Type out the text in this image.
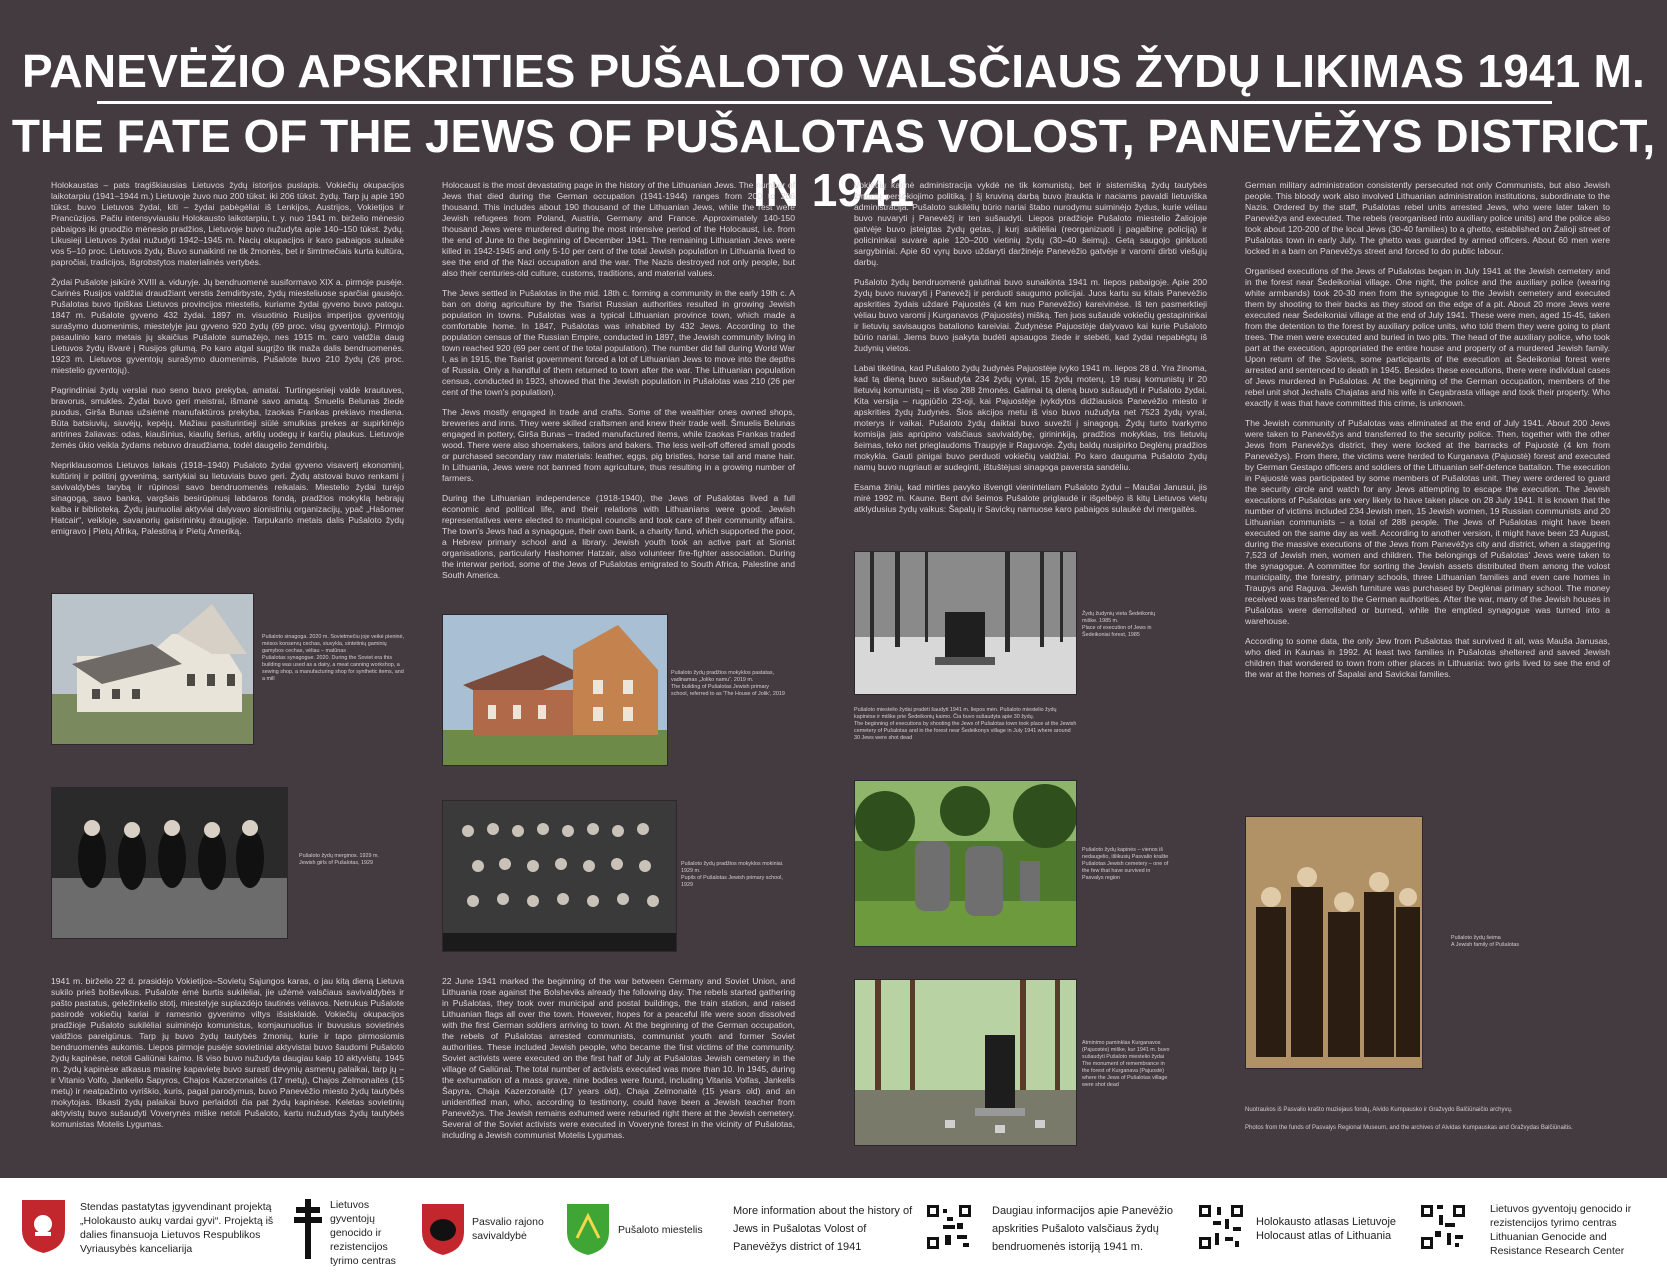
PANEVĖŽIO APSKRITIES PUŠALOTO VALSČIAUS ŽYDŲ LIKIMAS 1941 M.
THE FATE OF THE JEWS OF PUŠALOTAS VOLOST, PANEVĖŽYS DISTRICT, IN 1941

Holokaustas – pats tragiškiausias Lietuvos žydų istorijos puslapis. Vokiečių okupacijos laikotarpiu (1941–1944 m.) Lietuvoje žuvo nuo 200 tūkst. iki 206 tūkst. žydų. Tarp jų apie 190 tūkst. buvo Lietuvos žydai, kiti – žydai pabėgėliai iš Lenkijos, Austrijos, Vokietijos ir Prancūzijos. Pačiu intensyviausiu Holokausto laikotarpiu, t. y. nuo 1941 m. birželio mėnesio pabaigos iki gruodžio mėnesio pradžios, Lietuvoje buvo nužudyta apie 140–150 tūkst. žydų. Likusieji Lietuvos žydai nužudyti 1942–1945 m. Nacių okupacijos ir karo pabaigos sulaukė vos 5–10 proc. Lietuvos žydų. Buvo sunaikinti ne tik žmonės, bet ir šimtmečiais kurta kultūra, papročiai, tradicijos, išgrobstytos materialinės vertybės.

Žydai Pušalote įsikūrė XVIII a. viduryje. Jų bendruomenė susiformavo XIX a. pirmoje pusėje. Carinės Rusijos valdžiai draudžiant verstis žemdirbyste, žydų miesteliuose sparčiai gausėjo. Pušalotas buvo tipiškas Lietuvos provincijos miestelis, kuriame žydai gyveno buvo patogu. 1847 m. Pušalote gyveno 432 žydai. 1897 m. visuotinio Rusijos imperijos gyventojų surašymo duomenimis, miestelyje jau gyveno 920 žydų (69 proc. visų gyventojų). Pirmojo pasaulinio karo metais jų skaičius Pušalote sumažėjo, nes 1915 m. caro valdžia daug Lietuvos žydų išvarė į Rusijos gilumą. Po karo atgal sugrįžo tik maža dalis bendruomenės. 1923 m. Lietuvos gyventojų surašymo duomenimis, Pušalote buvo 210 žydų (26 proc. miestelio gyventojų).

Pagrindiniai žydų verslai nuo seno buvo prekyba, amatai. Turtingesnieji valdė krautuves, bravorus, smukles. Žydai buvo geri meistrai, išmanė savo amatą. Šmuelis Belunas žiedė puodus, Girša Bunas užsiėmė manufaktūros prekyba, Izaokas Frankas prekiavo mediena. Būta batsiuvių, siuvėjų, kepėjų. Mažiau pasiturintieji siūlė smulkias prekes ar supirkinėjo antrines žaliavas: odas, kiaušinius, kiaulių šerius, arklių uodegų ir karčių plaukus. Lietuvoje žemės ūkio veikla žydams nebuvo draudžiama, todėl daugelio žemdirbių.

Nepriklausomos Lietuvos laikais (1918–1940) Pušaloto žydai gyveno visavertį ekonominį, kultūrinį ir politinį gyvenimą, santykiai su lietuviais buvo geri. Žydų atstovai buvo renkami į savivaldybės tarybą ir rūpinosi savo bendruomenės reikalais. Miestelio žydai turėjo sinagogą, savo banką, vargšais besirūpinusį labdaros fondą, pradžios mokyklą hebrajų kalba ir biblioteką. Žydų jaunuoliai aktyviai dalyvavo sionistinių organizacijų, ypač „Hašomer Hatcair“, veikloje, savanorių gaisrininkų draugijoje. Tarpukario metais dalis Pušaloto žydų emigravo į Pietų Afriką, Palestiną ir Pietų Ameriką.

Pušaloto sinagoga. 2020 m. Sovietmečiu joje veikė pieninė, mėsos konservų cechas, siuvykla, sintetinių gaminių gamybos cechas, vėliau – malūnas
Pušalotas synagogue. 2020. During the Soviet era this building was used as a dairy, a meat canning workshop, a sewing shop, a manufacturing shop for synthetic items, and a mill
Pušaloto žydų merginos. 1929 m.
Jewish girls of Pušalotas, 1929

1941 m. birželio 22 d. prasidėjo Vokietijos–Sovietų Sąjungos karas, o jau kitą dieną Lietuva sukilo prieš bolševikus. Pušalote ėmė burtis sukilėliai, jie užėmė valsčiaus savivaldybės ir pašto pastatus, geležinkelio stotį, miestelyje suplazdėjo tautinės vėliavos. Netrukus Pušalote pasirodė vokiečių kariai ir ramesnio gyvenimo viltys išsisklaidė. Vokiečių okupacijos pradžioje Pušaloto sukilėliai suiminėjo komunistus, komjaunuolius ir buvusius sovietinės valdžios pareigūnus. Tarp jų buvo žydų tautybės žmonių, kurie ir tapo pirmosiomis bendruomenės aukomis. Liepos pirmoje pusėje sovietiniai aktyvistai buvo šaudomi Pušaloto žydų kapinėse, netoli Galiūnai kaimo. Iš viso buvo nužudyta daugiau kaip 10 aktyvistų. 1945 m. žydų kapinėse atkasus masinę kapavietę buvo surasti devynių asmenų palaikai, tarp jų – ir Vitanio Volfo, Jankelio Šapyros, Chajos Kazerzonaitės (17 metų), Chajos Zelmonaitės (15 metų) ir neatpažinto vyriškio, kuris, pagal parodymus, buvo Panevėžio miesto žydų tautybės mokytojas. Iškasti žydų palaikai buvo perlaidoti čia pat žydų kapinėse. Keletas sovietinių aktyvistų buvo sušaudyti Voverynės miške netoli Pušaloto, kartu nužudytas žydų tautybės komunistas Motelis Lygumas.

Holocaust is the most devastating page in the history of the Lithuanian Jews. The number of Jews that died during the German occupation (1941-1944) ranges from 200 to 206 thousand. This includes about 190 thousand of the Lithuanian Jews, while the rest were Jewish refugees from Poland, Austria, Germany and France. Approximately 140-150 thousand Jews were murdered during the most intensive period of the Holocaust, i.e. from the end of June to the beginning of December 1941. The remaining Lithuanian Jews were killed in 1942-1945 and only 5-10 per cent of the total Jewish population in Lithuania lived to see the end of the Nazi occupation and the war. The Nazis destroyed not only people, but also their centuries-old culture, customs, traditions, and material values.

The Jews settled in Pušalotas in the mid. 18th c. forming a community in the early 19th c. A ban on doing agriculture by the Tsarist Russian authorities resulted in growing Jewish population in towns. Pušalotas was a typical Lithuanian province town, which made a comfortable home. In 1847, Pušalotas was inhabited by 432 Jews. According to the population census of the Russian Empire, conducted in 1897, the Jewish community living in town reached 920 (69 per cent of the total population). The number did fall during World War I, as in 1915, the Tsarist government forced a lot of Lithuanian Jews to move into the depths of Russia. Only a handful of them returned to town after the war. The Lithuanian population census, conducted in 1923, showed that the Jewish population in Pušalotas was 210 (26 per cent of the town's population).

The Jews mostly engaged in trade and crafts. Some of the wealthier ones owned shops, breweries and inns. They were skilled craftsmen and knew their trade well. Šmuelis Belunas engaged in pottery, Girša Bunas – traded manufactured items, while Izaokas Frankas traded wood. There were also shoemakers, tailors and bakers. The less well-off offered small goods or purchased secondary raw materials: leather, eggs, pig bristles, horse tail and mane hair. In Lithuania, Jews were not banned from agriculture, thus resulting in a growing number of farmers.

During the Lithuanian independence (1918-1940), the Jews of Pušalotas lived a full economic and political life, and their relations with Lithuanians were good. Jewish representatives were elected to municipal councils and took care of their community affairs. The town's Jews had a synagogue, their own bank, a charity fund, which supported the poor, a Hebrew primary school and a library. Jewish youth took an active part at Sionist organisations, particularly Hashomer Hatzair, also volunteer fire-fighter association. During the interwar period, some of the Jews of Pušalotas emigrated to South Africa, Palestine and South America.

Pušaloto žydų pradžios mokyklos pastatas, vadinamas „Joliko namu“. 2019 m.
The building of Pušalotas Jewish primary school, referred to as 'The House of Jolik', 2019
Pušaloto žydų pradžios mokyklos mokiniai. 1929 m.
Pupils of Pušalotas Jewish primary school, 1929

22 June 1941 marked the beginning of the war between Germany and Soviet Union, and Lithuania rose against the Bolsheviks already the following day. The rebels started gathering in Pušalotas, they took over municipal and postal buildings, the train station, and raised Lithuanian flags all over the town. However, hopes for a peaceful life were soon dissolved with the first German soldiers arriving to town. At the beginning of the German occupation, the rebels of Pušalotas arrested communists, communist youth and former Soviet authorities. These included Jewish people, who became the first victims of the community. Soviet activists were executed on the first half of July at Pušalotas Jewish cemetery in the village of Galiūnai. The total number of activists executed was more than 10. In 1945, during the exhumation of a mass grave, nine bodies were found, including Vitanis Volfas, Jankelis Šapyra, Chaja Kazerzonaitė (17 years old), Chaja Zelmonaitė (15 years old) and an unidentified man, who, according to testimony, could have been a Jewish teacher from Panevėžys. The Jewish remains exhumed were reburied right there at the Jewish cemetery. Several of the Soviet activists were executed in Voverynė forest in the vicinity of Pušalotas, including a Jewish communist Motelis Lygumas.

Vokiečių karinė administracija vykdė ne tik komunistų, bet ir sistemišką žydų tautybės žmonių persekiojimo politiką. Į šį kruviną darbą buvo įtraukta ir naciams pavaldi lietuviška administracija. Pušaloto sukilėlių būrio nariai štabo nurodymu suiminėjo žydus, kurie vėliau buvo nuvaryti į Panevėžį ir ten sušaudyti. Liepos pradžioje Pušaloto miestelio Žaliojoje gatvėje buvo įsteigtas žydų getas, į kurį sukilėliai (reorganizuoti į pagalbinę policiją) ir policininkai suvarė apie 120–200 vietinių žydų (30–40 šeimų). Getą saugojo ginkluoti sargybiniai. Apie 60 vyrų buvo uždaryti daržinėje Panevėžio gatvėje ir varomi dirbti viešųjų darbų.

Pušaloto žydų bendruomenė galutinai buvo sunaikinta 1941 m. liepos pabaigoje. Apie 200 žydų buvo nuvaryti į Panevėžį ir perduoti saugumo policijai. Juos kartu su kitais Panevėžio apskrities žydais uždarė Pajuostės (4 km nuo Panevėžio) kareivinėse. Iš ten pasmerktieji vėliau buvo varomi į Kurganavos (Pajuostės) mišką. Ten juos sušaudė vokiečių gestapininkai ir lietuvių savisaugos bataliono kareiviai. Žudynėse Pajuostėje dalyvavo kai kurie Pušaloto būrio nariai. Jiems buvo įsakyta budėti apsaugos žiede ir stebėti, kad žydai nepabėgtų iš žudynių vietos.

Labai tikėtina, kad Pušaloto žydų žudynės Pajuostėje įvyko 1941 m. liepos 28 d. Yra žinoma, kad tą dieną buvo sušaudyta 234 žydų vyrai, 15 žydų moterų, 19 rusų komunistų ir 20 lietuvių komunistų – iš viso 288 žmonės. Galimai tą dieną buvo sušaudyti ir Pušaloto žydai. Kita versija – rugpjūčio 23-oji, kai Pajuostėje įvykdytos didžiausios Panevėžio miesto ir apskrities žydų žudynės. Šios akcijos metu iš viso buvo nužudyta net 7523 žydų vyrai, moterys ir vaikai. Pušaloto žydų daiktai buvo suvežti į sinagogą. Žydų turto tvarkymo komisija jais aprūpino valsčiaus savivaldybę, girininkiją, pradžios mokyklas, tris lietuvių šeimas, teko net prieglaudoms Traupyje ir Raguvoje. Žydų baldų nusipirko Deglėnų pradžios mokykla. Gauti pinigai buvo perduoti vokiečių valdžiai. Po karo dauguma Pušaloto žydų namų buvo nugriauti ar sudeginti, ištuštėjusi sinagoga paversta sandėliu.

Esama žinių, kad mirties pavykо išvengti vieninteliam Pušaloto žydui – Maušai Janusui, jis mirė 1992 m. Kaune. Bent dvi šeimos Pušalote priglaudė ir išgelbėjo iš kitų Lietuvos vietų atklydusius žydų vaikus: Šapalų ir Savickų namuose karo pabaigos sulaukė dvi mergaitės.

Žydų žudynių vieta Šedeikonių miške. 1985 m.
Place of execution of Jews in Šedeikoniai forest, 1985
Pušaloto miestelio žydai pradėti šaudyti 1941 m. liepos mėn. Pušaloto miestelio žydų kapinėse ir miške prie Šedeikonių kaimo. Čia buvo sušaudyta apie 30 žydų.
The beginning of executions by shooting the Jews of Pušalotas town took place at the Jewish cemetery of Pušalotas and in the forest near Šedeikonys village in July 1941 where around 30 Jews were shot dead
Pušaloto žydų kapinės – vienos iš nedaugelio, išlikusių Pasvalio krašte
Pušalotas Jewish cemetery – one of the few that have survived in Pasvalys region
Atminimo paminklas Kurganavos (Pajuostės) miške, kur 1941 m. buvo sušaudyti Pušaloto miestelio žydai
The monument of remembrance in the forest of Kurganava (Pajuostė) where the Jews of Pušalotas village were shot dead

German military administration consistently persecuted not only Communists, but also Jewish people. This bloody work also involved Lithuanian administration institutions, subordinate to the Nazis. Ordered by the staff, Pušalotas rebel units arrested Jews, who were later taken to Panevėžys and executed. The rebels (reorganised into auxiliary police units) and the police also took about 120-200 of the local Jews (30-40 families) to a ghetto, established on Žalioji street of Pušalotas town in early July. The ghetto was guarded by armed officers. About 60 men were locked in a barn on Panevėžys street and forced to do public labour.

Organised executions of the Jews of Pušalotas began in July 1941 at the Jewish cemetery and in the forest near Šedeikoniai village. One night, the police and the auxiliary police (wearing white armbands) took 20-30 men from the synagogue to the Jewish cemetery and executed them by shooting to their backs as they stood on the edge of a pit. About 20 more Jews were executed near Šedeikoniai village at the end of July 1941. These were men, aged 15-45, taken from the detention to the forest by auxiliary police units, who told them they were going to plant trees. The men were executed and buried in two pits. The head of the auxiliary police, who took part at the execution, appropriated the entire house and property of a murdered Jewish family. Upon return of the Soviets, some participants of the execution at Šedeikoniai forest were arrested and sentenced to death in 1945. Besides these executions, there were individual cases of Jews murdered in Pušalotas. At the beginning of the German occupation, members of the rebel unit shot Jechalis Chajatas and his wife in Gegabrasta village and took their property. Who exactly it was that have committed this crime, is unknown.

The Jewish community of Pušalotas was eliminated at the end of July 1941. About 200 Jews were taken to Panevėžys and transferred to the security police. Then, together with the other Jews from Panevėžys district, they were locked at the barracks of Pajuostė (4 km from Panevėžys). From there, the victims were herded to Kurganava (Pajuostė) forest and executed by German Gestapo officers and soldiers of the Lithuanian self-defence battalion. The execution in Pajuostė was participated by some members of Pušalotas unit. They were ordered to guard the security circle and watch for any Jews attempting to escape the execution. The Jewish executions of Pušalotas are very likely to have taken place on 28 July 1941. It is known that the number of victims included 234 Jewish men, 15 Jewish women, 19 Russian communists and 20 Lithuanian communists – a total of 288 people. The Jews of Pušalotas might have been executed on the same day as well. According to another version, it might have been 23 August, during the massive executions of the Jews from Panevėžys city and district, when a staggering 7,523 of Jewish men, women and children. The belongings of Pušalotas' Jews were taken to the synagogue. A committee for sorting the Jewish assets distributed them among the volost municipality, the forestry, primary schools, three Lithuanian families and even care homes in Traupys and Raguva. Jewish furniture was purchased by Deglėnai primary school. The money received was transferred to the German authorities. After the war, many of the Jewish houses in Pušalotas were demolished or burned, while the emptied synagogue was turned into a warehouse.

According to some data, the only Jew from Pušalotas that survived it all, was Mauša Janusas, who died in Kaunas in 1992. At least two families in Pušalotas sheltered and saved Jewish children that wondered to town from other places in Lithuania: two girls lived to see the end of the war at the homes of Šapalai and Savickai families.

Pušaloto žydų šeima
A Jewish family of Pušalotas
Nuotraukos iš Pasvalio krašto muziejaus fondų, Alvido Kumpausko ir Gražvydo Balčiūnaičio archyvų.
Photos from the funds of Pasvalys Regional Museum, and the archives of Alvidas Kumpauskas and Gražvydas Balčiūnaitis.
Stendas pastatytas įgyvendinant projektą „Holokausto aukų vardai gyvi“. Projektą iš dalies finansuoja Lietuvos Respublikos Vyriausybės kanceliarija
Lietuvos gyventojų genocido ir rezistencijos tyrimo centras
Pasvalio rajono savivaldybė	Pušaloto miestelis
More information about the history of Jews in Pušalotas Volost of Panevėžys district of 1941
Daugiau informacijos apie Panevėžio apskrities Pušaloto valsčiaus žydų bendruomenės istoriją 1941 m.
Holokausto atlasas Lietuvoje
Holocaust atlas of Lithuania
Lietuvos gyventojų genocido ir rezistencijos tyrimo centras
Lithuanian Genocide and Resistance Research Center
